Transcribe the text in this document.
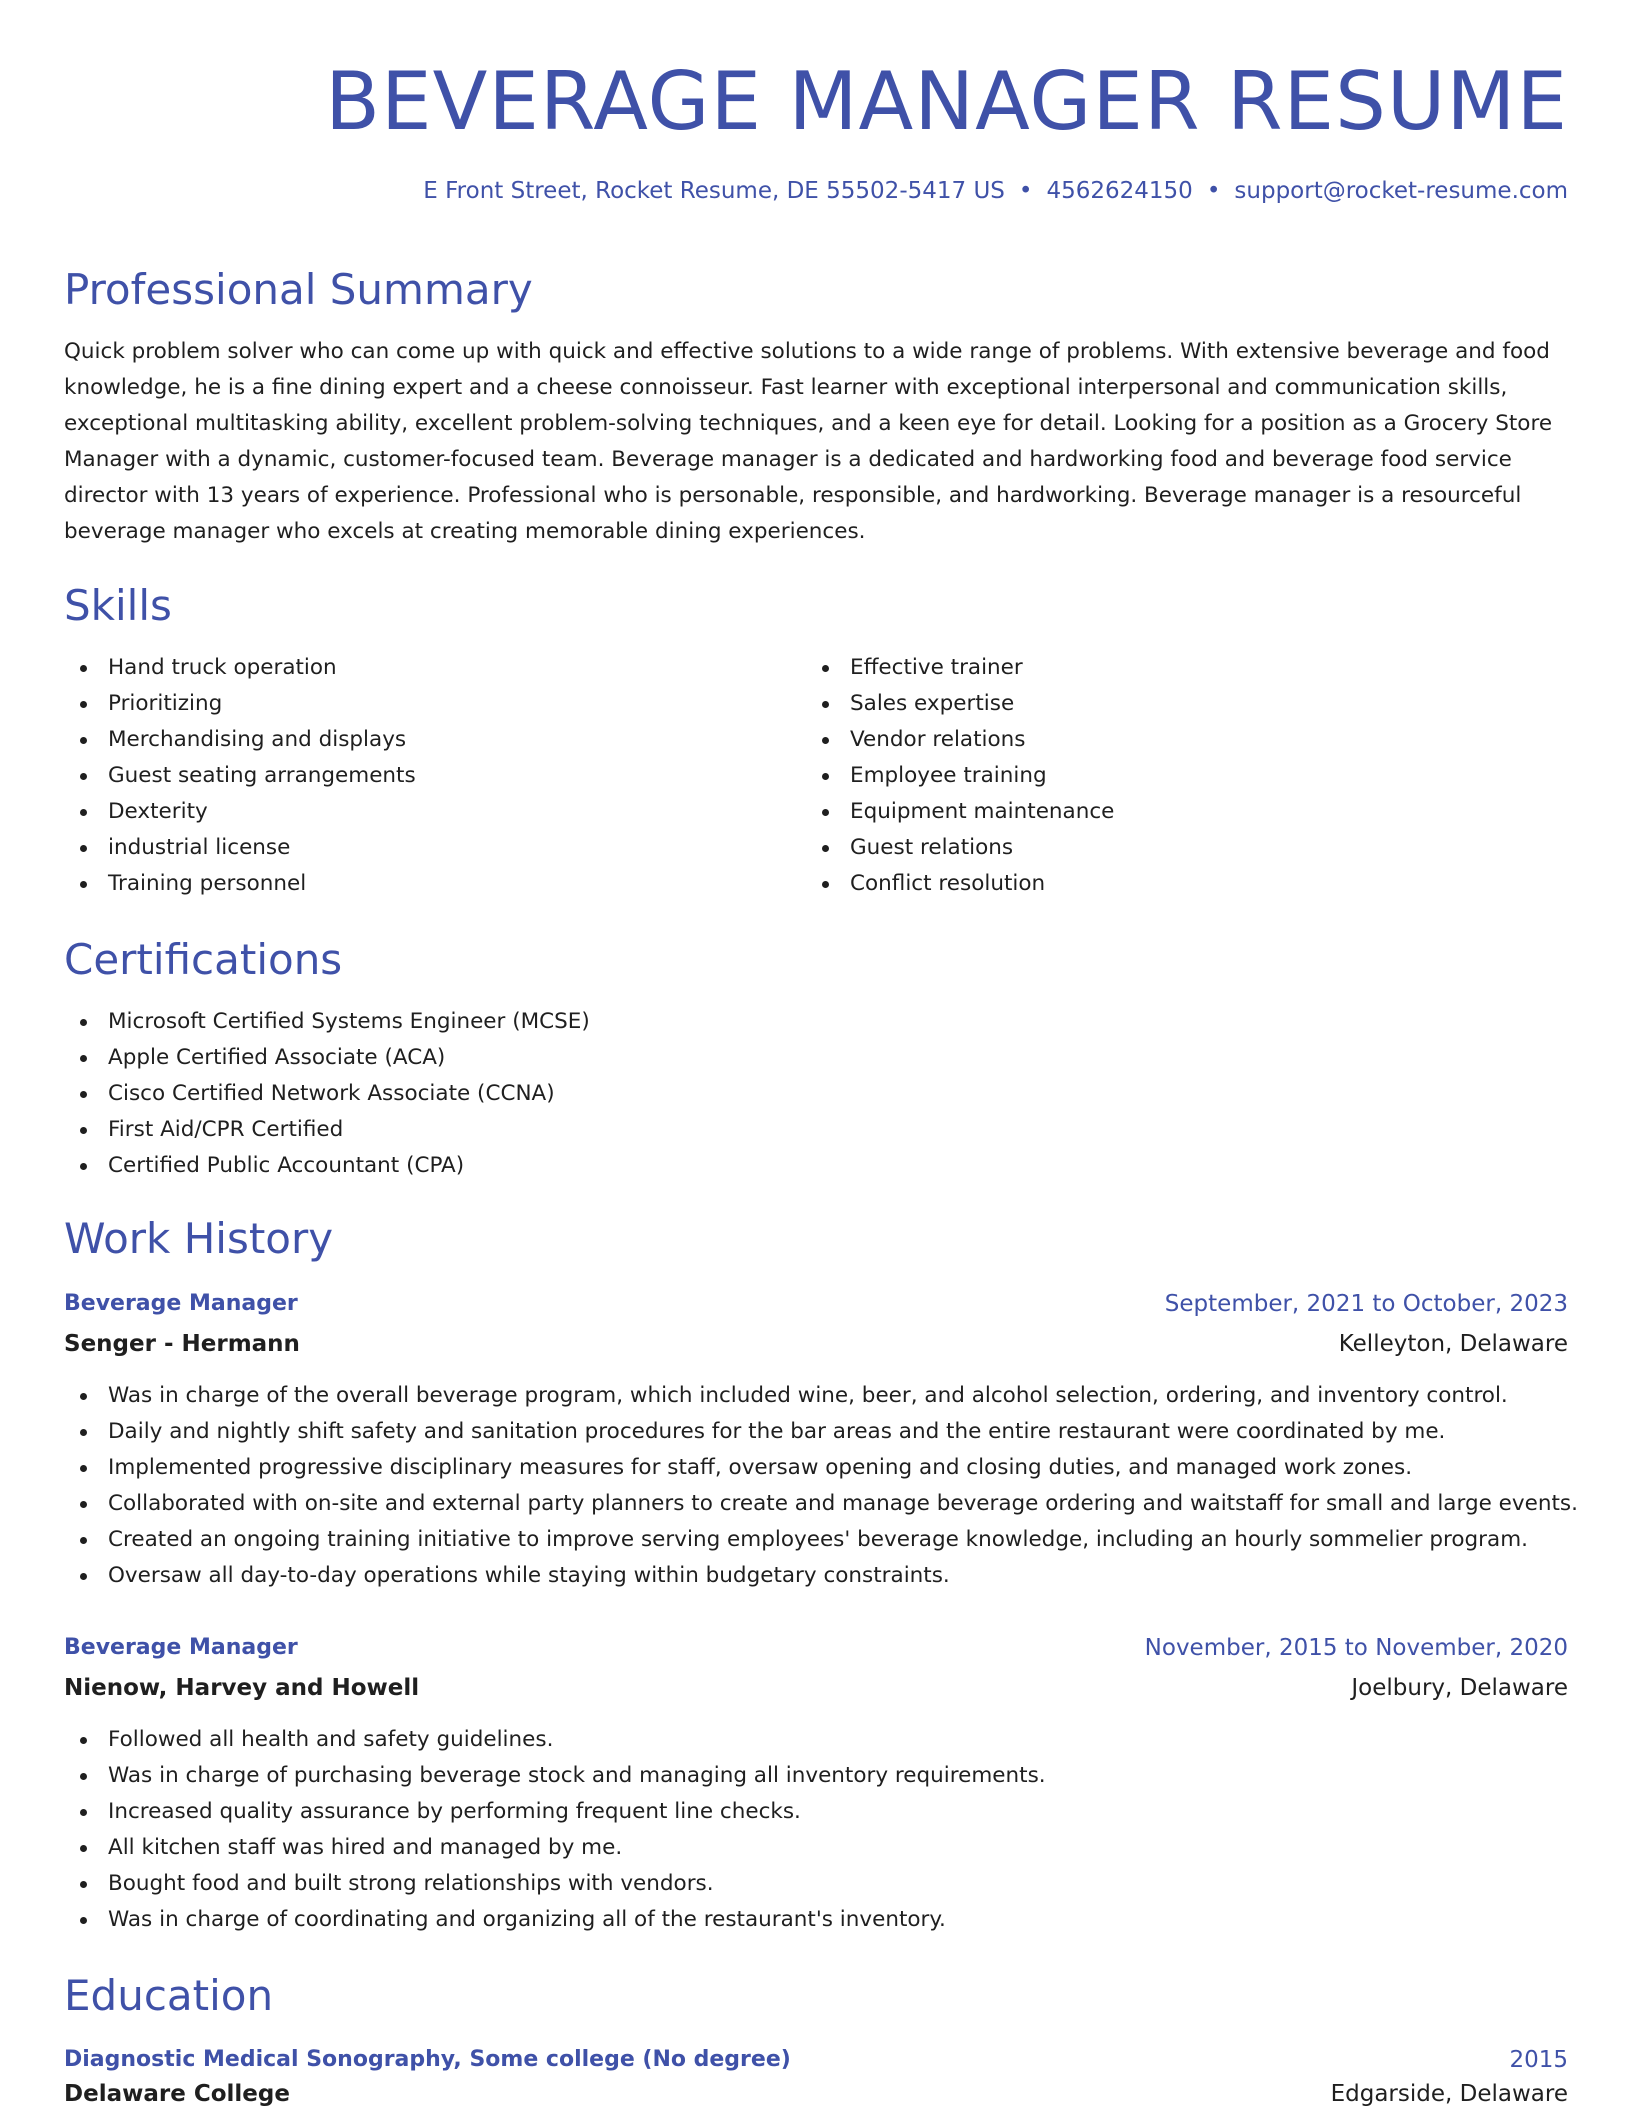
BEVERAGE MANAGER RESUME
E Front Street, Rocket Resume, DE 55502-5417 US • 4562624150 • support@rocket-resume.com
Professional Summary

Quick problem solver who can come up with quick and effective solutions to a wide range of problems. With extensive beverage and food knowledge, he is a fine dining expert and a cheese connoisseur. Fast learner with exceptional interpersonal and communication skills, exceptional multitasking ability, excellent problem-solving techniques, and a keen eye for detail. Looking for a position as a Grocery Store Manager with a dynamic, customer-focused team. Beverage manager is a dedicated and hardworking food and beverage food service director with 13 years of experience. Professional who is personable, responsible, and hardworking. Beverage manager is a resourceful beverage manager who excels at creating memorable dining experiences.

Skills
Hand truck operation
Prioritizing
Merchandising and displays
Guest seating arrangements
Dexterity
industrial license
Training personnel
Effective trainer
Sales expertise
Vendor relations
Employee training
Equipment maintenance
Guest relations
Conflict resolution
Certifications
Microsoft Certified Systems Engineer (MCSE)
Apple Certified Associate (ACA)
Cisco Certified Network Associate (CCNA)
First Aid/CPR Certified
Certified Public Accountant (CPA)
Work History
Beverage Manager	September, 2021 to October, 2023
Senger - Hermann	Kelleyton, Delaware
Was in charge of the overall beverage program, which included wine, beer, and alcohol selection, ordering, and inventory control.
Daily and nightly shift safety and sanitation procedures for the bar areas and the entire restaurant were coordinated by me.
Implemented progressive disciplinary measures for staff, oversaw opening and closing duties, and managed work zones.
Collaborated with on-site and external party planners to create and manage beverage ordering and waitstaff for small and large events.
Created an ongoing training initiative to improve serving employees' beverage knowledge, including an hourly sommelier program.
Oversaw all day-to-day operations while staying within budgetary constraints.
Beverage Manager	November, 2015 to November, 2020
Nienow, Harvey and Howell	Joelbury, Delaware
Followed all health and safety guidelines.
Was in charge of purchasing beverage stock and managing all inventory requirements.
Increased quality assurance by performing frequent line checks.
All kitchen staff was hired and managed by me.
Bought food and built strong relationships with vendors.
Was in charge of coordinating and organizing all of the restaurant's inventory.
Education
Diagnostic Medical Sonography, Some college (No degree)	2015
Delaware College	Edgarside, Delaware
